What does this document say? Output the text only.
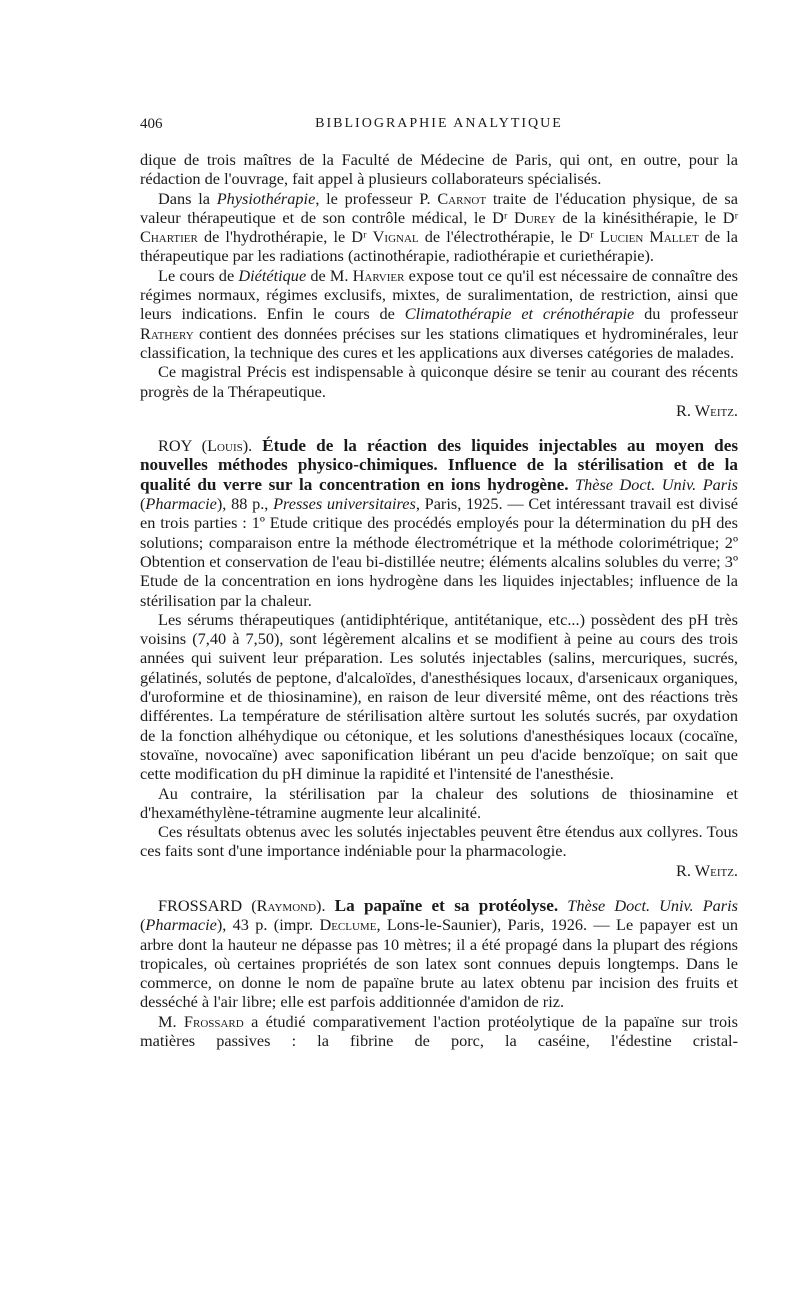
406	BIBLIOGRAPHIE ANALYTIQUE

dique de trois maîtres de la Faculté de Médecine de Paris, qui ont, en outre, pour la rédaction de l'ouvrage, fait appel à plusieurs collaborateurs spécialisés.

Dans la Physiothérapie, le professeur P. Carnot traite de l'éducation physique, de sa valeur thérapeutique et de son contrôle médical, le Dʳ Durey de la kinésithérapie, le Dʳ Chartier de l'hydrothérapie, le Dʳ Vignal de l'électrothérapie, le Dʳ Lucien Mallet de la thérapeutique par les radiations (actinothérapie, radiothérapie et curiethérapie).

Le cours de Diététique de M. Harvier expose tout ce qu'il est nécessaire de connaître des régimes normaux, régimes exclusifs, mixtes, de suralimentation, de restriction, ainsi que leurs indications. Enfin le cours de Climatothérapie et crénothérapie du professeur Rathery contient des données précises sur les stations climatiques et hydrominérales, leur classification, la technique des cures et les applications aux diverses catégories de malades.

Ce magistral Précis est indispensable à quiconque désire se tenir au courant des récents progrès de la Thérapeutique.
R. Weitz.

ROY (Louis). Étude de la réaction des liquides injectables au moyen des nouvelles méthodes physico-chimiques. Influence de la stérilisation et de la qualité du verre sur la concentration en ions hydrogène. Thèse Doct. Univ. Paris (Pharmacie), 88 p., Presses universitaires, Paris, 1925. — Cet intéressant travail est divisé en trois parties : 1º Etude critique des procédés employés pour la détermination du pH des solutions; comparaison entre la méthode électrométrique et la méthode colorimétrique; 2º Obtention et conservation de l'eau bi-distillée neutre; éléments alcalins solubles du verre; 3º Etude de la concentration en ions hydrogène dans les liquides injectables; influence de la stérilisation par la chaleur.

Les sérums thérapeutiques (antidiphtérique, antitétanique, etc...) possèdent des pH très voisins (7,40 à 7,50), sont légèrement alcalins et se modifient à peine au cours des trois années qui suivent leur préparation. Les solutés injectables (salins, mercuriques, sucrés, gélatinés, solutés de peptone, d'alcaloïdes, d'anesthésiques locaux, d'arsenicaux organiques, d'uroformine et de thiosinamine), en raison de leur diversité même, ont des réactions très différentes. La température de stérilisation altère surtout les solutés sucrés, par oxydation de la fonction alhéhydique ou cétonique, et les solutions d'anesthésiques locaux (cocaïne, stovaïne, novocaïne) avec saponification libérant un peu d'acide benzoïque; on sait que cette modification du pH diminue la rapidité et l'intensité de l'anesthésie.

Au contraire, la stérilisation par la chaleur des solutions de thiosinamine et d'hexaméthylène-tétramine augmente leur alcalinité.

Ces résultats obtenus avec les solutés injectables peuvent être étendus aux collyres. Tous ces faits sont d'une importance indéniable pour la pharmacologie.
R. Weitz.

FROSSARD (Raymond). La papaïne et sa protéolyse. Thèse Doct. Univ. Paris (Pharmacie), 43 p. (impr. Declume, Lons-le-Saunier), Paris, 1926. — Le papayer est un arbre dont la hauteur ne dépasse pas 10 mètres; il a été propagé dans la plupart des régions tropicales, où certaines propriétés de son latex sont connues depuis longtemps. Dans le commerce, on donne le nom de papaïne brute au latex obtenu par incision des fruits et desséché à l'air libre; elle est parfois additionnée d'amidon de riz.

M. Frossard a étudié comparativement l'action protéolytique de la papaïne sur trois matières passives : la fibrine de porc, la caséine, l'édestine cristal-
